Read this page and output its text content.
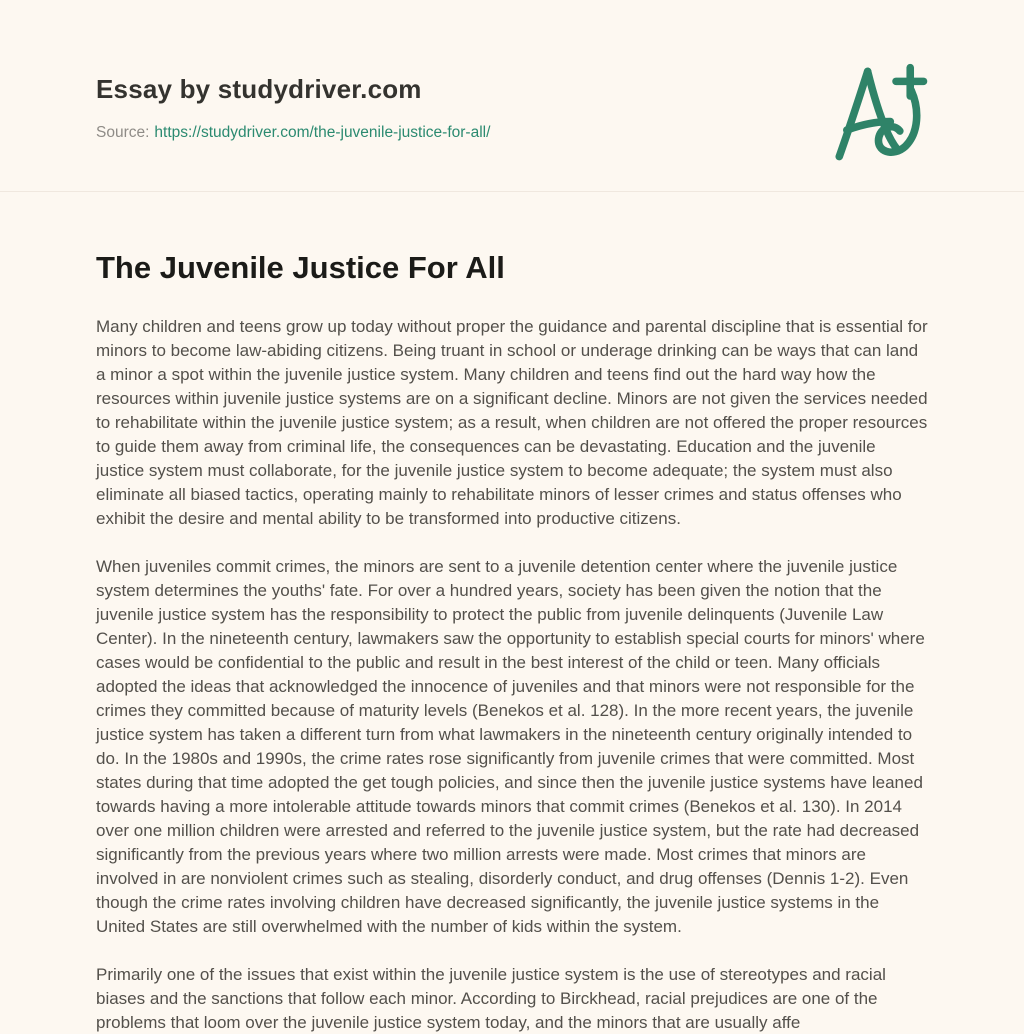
Essay by studydriver.com
Source: https://studydriver.com/the-juvenile-justice-for-all/
The Juvenile Justice For All

Many children and teens grow up today without proper the guidance and parental discipline that is essential for minors to become law-abiding citizens. Being truant in school or underage drinking can be ways that can land a minor a spot within the juvenile justice system. Many children and teens find out the hard way how the resources within juvenile justice systems are on a significant decline. Minors are not given the services needed to rehabilitate within the juvenile justice system; as a result, when children are not offered the proper resources to guide them away from criminal life, the consequences can be devastating. Education and the juvenile justice system must collaborate, for the juvenile justice system to become adequate; the system must also eliminate all biased tactics, operating mainly to rehabilitate minors of lesser crimes and status offenses who exhibit the desire and mental ability to be transformed into productive citizens.

When juveniles commit crimes, the minors are sent to a juvenile detention center where the juvenile justice system determines the youths' fate. For over a hundred years, society has been given the notion that the juvenile justice system has the responsibility to protect the public from juvenile delinquents (Juvenile Law Center). In the nineteenth century, lawmakers saw the opportunity to establish special courts for minors' where cases would be confidential to the public and result in the best interest of the child or teen. Many officials adopted the ideas that acknowledged the innocence of juveniles and that minors were not responsible for the crimes they committed because of maturity levels (Benekos et al. 128). In the more recent years, the juvenile justice system has taken a different turn from what lawmakers in the nineteenth century originally intended to do. In the 1980s and 1990s, the crime rates rose significantly from juvenile crimes that were committed. Most states during that time adopted the get tough policies, and since then the juvenile justice systems have leaned towards having a more intolerable attitude towards minors that commit crimes (Benekos et al. 130). In 2014 over one million children were arrested and referred to the juvenile justice system, but the rate had decreased significantly from the previous years where two million arrests were made. Most crimes that minors are involved in are nonviolent crimes such as stealing, disorderly conduct, and drug offenses (Dennis 1-2). Even though the crime rates involving children have decreased significantly, the juvenile justice systems in the United States are still overwhelmed with the number of kids within the system.

Primarily one of the issues that exist within the juvenile justice system is the use of stereotypes and racial biases and the sanctions that follow each minor. According to Birckhead, racial prejudices are one of the problems that loom over the juvenile justice system today, and the minors that are usually affe
